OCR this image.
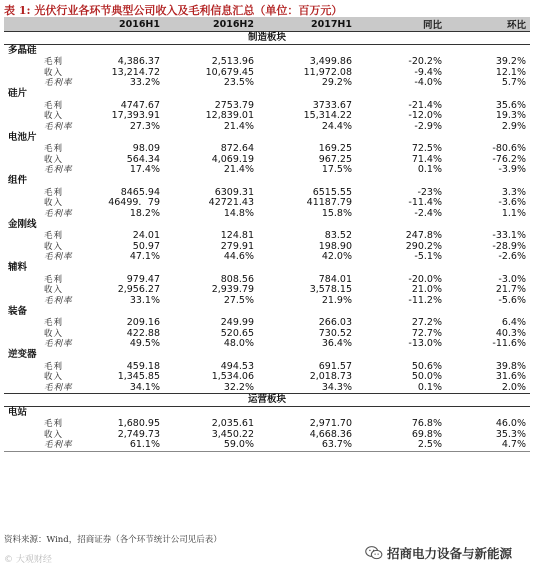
表 1: 光伏行业各环节典型公司收入及毛利信息汇总（单位：百万元）
	2016H1	2016H2	2017H1	同比	环比
制造板块					
多晶硅					
毛利	4,386.37	2,513.96	3,499.86	-20.2%	39.2%
收入	13,214.72	10,679.45	11,972.08	-9.4%	12.1%
毛利率	33.2%	23.5%	29.2%	-4.0%	5.7%
硅片					
毛利	4747.67	2753.79	3733.67	-21.4%	35.6%
收入	17,393.91	12,839.01	15,314.22	-12.0%	19.3%
毛利率	27.3%	21.4%	24.4%	-2.9%	2.9%
电池片					
毛利	98.09	872.64	169.25	72.5%	-80.6%
收入	564.34	4,069.19	967.25	71.4%	-76.2%
毛利率	17.4%	21.4%	17.5%	0.1%	-3.9%
组件					
毛利	8465.94	6309.31	6515.55	-23%	3.3%
收入	46499．79	42721.43	41187.79	-11.4%	-3.6%
毛利率	18.2%	14.8%	15.8%	-2.4%	1.1%
金刚线					
毛利	24.01	124.81	83.52	247.8%	-33.1%
收入	50.97	279.91	198.90	290.2%	-28.9%
毛利率	47.1%	44.6%	42.0%	-5.1%	-2.6%
辅料					
毛利	979.47	808.56	784.01	-20.0%	-3.0%
收入	2,956.27	2,939.79	3,578.15	21.0%	21.7%
毛利率	33.1%	27.5%	21.9%	-11.2%	-5.6%
装备					
毛利	209.16	249.99	266.03	27.2%	6.4%
收入	422.88	520.65	730.52	72.7%	40.3%
毛利率	49.5%	48.0%	36.4%	-13.0%	-11.6%
逆变器					
毛利	459.18	494.53	691.57	50.6%	39.8%
收入	1,345.85	1,534.06	2,018.73	50.0%	31.6%
毛利率	34.1%	32.2%	34.3%	0.1%	2.0%
运营板块					
电站					
毛利	1,680.95	2,035.61	2,971.70	76.8%	46.0%
收入	2,749.73	3,450.22	4,668.36	69.8%	35.3%
毛利率	61.1%	59.0%	63.7%	2.5%	4.7%
资料来源：Wind，招商证券（各个环节统计公司见后表）
© 大观财经	招商电力设备与新能源
